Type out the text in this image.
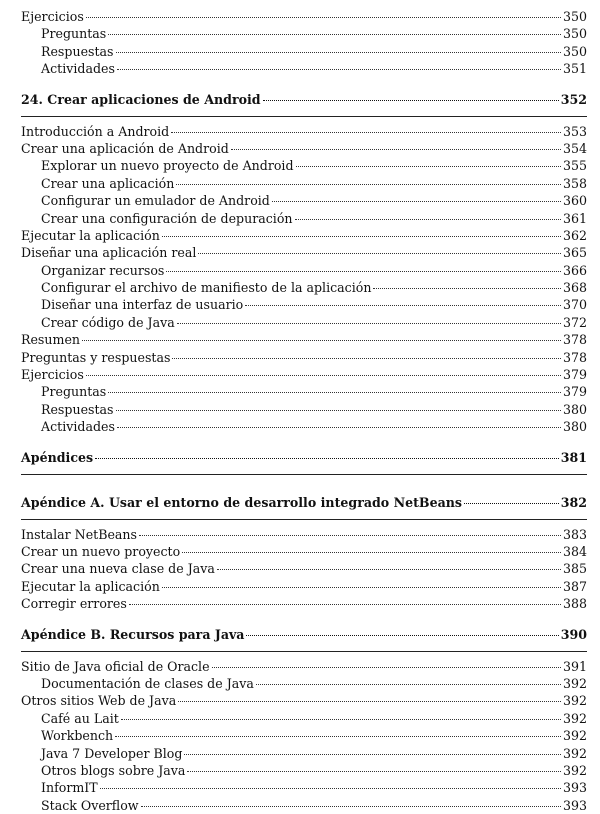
Ejercicios	350
Preguntas	350
Respuestas	350
Actividades	351
24. Crear aplicaciones de Android	352
Introducción a Android	353
Crear una aplicación de Android	354
Explorar un nuevo proyecto de Android	355
Crear una aplicación	358
Configurar un emulador de Android	360
Crear una configuración de depuración	361
Ejecutar la aplicación	362
Diseñar una aplicación real	365
Organizar recursos	366
Configurar el archivo de manifiesto de la aplicación	368
Diseñar una interfaz de usuario	370
Crear código de Java	372
Resumen	378
Preguntas y respuestas	378
Ejercicios	379
Preguntas	379
Respuestas	380
Actividades	380
Apéndices	381
Apéndice A. Usar el entorno de desarrollo integrado NetBeans	382
Instalar NetBeans	383
Crear un nuevo proyecto	384
Crear una nueva clase de Java	385
Ejecutar la aplicación	387
Corregir errores	388
Apéndice B. Recursos para Java	390
Sitio de Java oficial de Oracle	391
Documentación de clases de Java	392
Otros sitios Web de Java	392
Café au Lait	392
Workbench	392
Java 7 Developer Blog	392
Otros blogs sobre Java	392
InformIT	393
Stack Overflow	393
